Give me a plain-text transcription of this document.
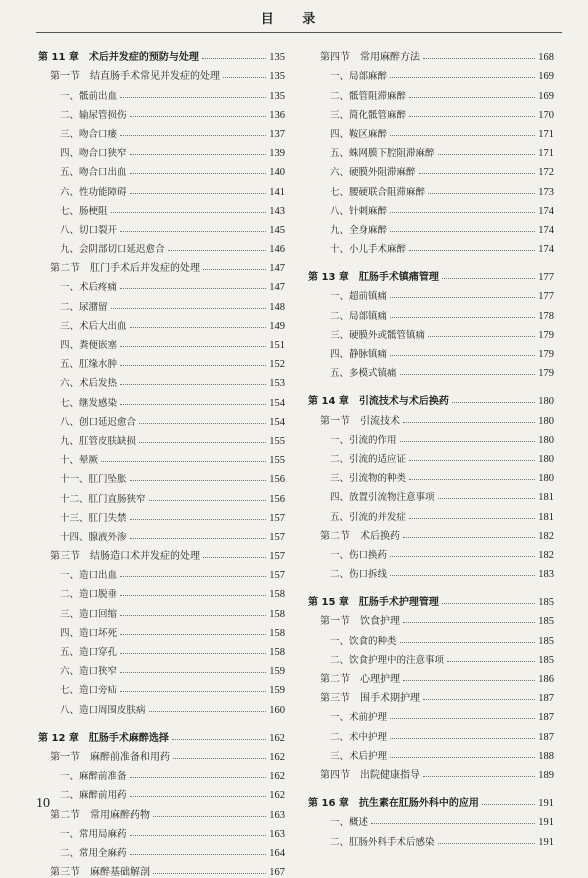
目 录
第 11 章　术后并发症的预防与处理	135
第一节　结直肠手术常见并发症的处理	135
一、骶前出血	135
二、输尿管损伤	136
三、吻合口瘘	137
四、吻合口狭窄	139
五、吻合口出血	140
六、性功能障碍	141
七、肠梗阻	143
八、切口裂开	145
九、会阴部切口延迟愈合	146
第二节　肛门手术后并发症的处理	147
一、术后疼痛	147
二、尿潴留	148
三、术后大出血	149
四、粪便嵌塞	151
五、肛缘水肿	152
六、术后发热	153
七、继发感染	154
八、创口延迟愈合	154
九、肛管皮肤缺损	155
十、晕厥	155
十一、肛门坠胀	156
十二、肛门直肠狭窄	156
十三、肛门失禁	157
十四、腺液外渗	157
第三节　结肠造口术并发症的处理	157
一、造口出血	157
二、造口脱垂	158
三、造口回缩	158
四、造口坏死	158
五、造口穿孔	158
六、造口狭窄	159
七、造口旁疝	159
八、造口周围皮肤病	160
第 12 章　肛肠手术麻醉选择	162
第一节　麻醉前准备和用药	162
一、麻醉前准备	162
二、麻醉前用药	162
第二节　常用麻醉药物	163
一、常用局麻药	163
二、常用全麻药	164
第三节　麻醉基础解剖	167
第四节　常用麻醉方法	168
一、局部麻醉	169
二、骶管阻滞麻醉	169
三、简化骶管麻醉	170
四、鞍区麻醉	171
五、蛛网膜下腔阻滞麻醉	171
六、硬膜外阻滞麻醉	172
七、腰硬联合阻滞麻醉	173
八、针刺麻醉	174
九、全身麻醉	174
十、小儿手术麻醉	174
第 13 章　肛肠手术镇痛管理	177
一、超前镇痛	177
二、局部镇痛	178
三、硬膜外或骶管镇痛	179
四、静脉镇痛	179
五、多模式镇痛	179
第 14 章　引流技术与术后换药	180
第一节　引流技术	180
一、引流的作用	180
二、引流的适应证	180
三、引流物的种类	180
四、放置引流物注意事项	181
五、引流的并发症	181
第二节　术后换药	182
一、伤口换药	182
二、伤口拆线	183
第 15 章　肛肠手术护理管理	185
第一节　饮食护理	185
一、饮食的种类	185
二、饮食护理中的注意事项	185
第二节　心理护理	186
第三节　围手术期护理	187
一、术前护理	187
二、术中护理	187
三、术后护理	188
第四节　出院健康指导	189
第 16 章　抗生素在肛肠外科中的应用	191
一、概述	191
二、肛肠外科手术后感染	191
10
